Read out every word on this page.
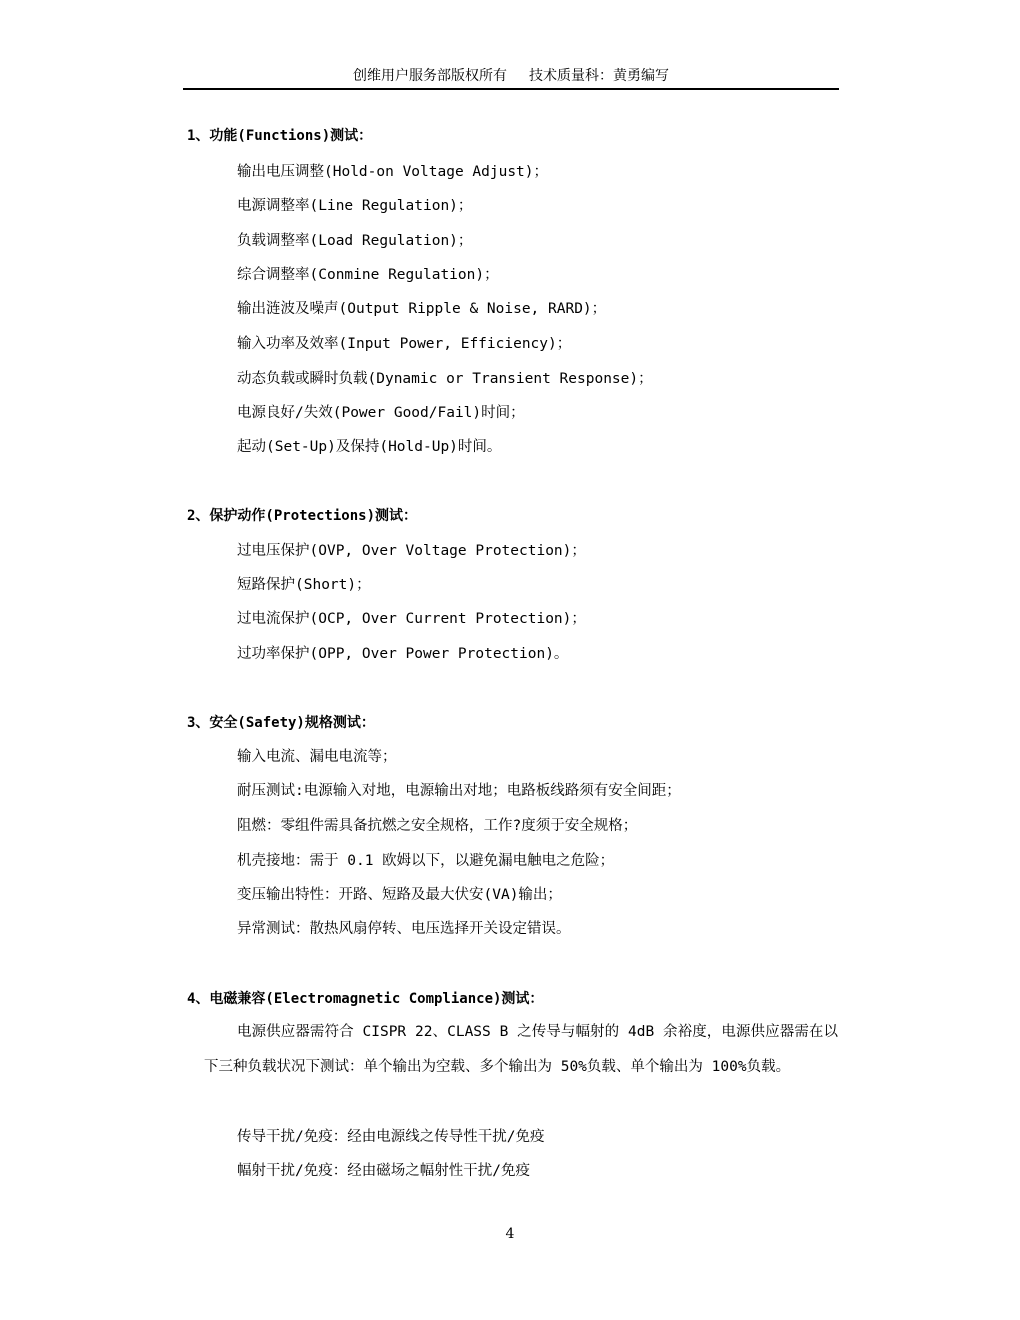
创维用户服务部版权所有 技术质量科：黄勇编写
1、功能(Functions)测试：
输出电压调整(Hold-on Voltage Adjust)；
电源调整率(Line Regulation)；
负载调整率(Load Regulation)；
综合调整率(Conmine Regulation)；
输出涟波及噪声(Output Ripple & Noise, RARD)；
输入功率及效率(Input Power, Efficiency)；
动态负载或瞬时负载(Dynamic or Transient Response)；
电源良好/失效(Power Good/Fail)时间；
起动(Set-Up)及保持(Hold-Up)时间。
2、保护动作(Protections)测试：
过电压保护(OVP, Over Voltage Protection)；
短路保护(Short)；
过电流保护(OCP, Over Current Protection)；
过功率保护(OPP, Over Power Protection)。
3、安全(Safety)规格测试：
输入电流、漏电电流等；
耐压测试:电源输入对地，电源输出对地；电路板线路须有安全间距；
阻燃：零组件需具备抗燃之安全规格，工作?度须于安全规格；
机壳接地：需于 0.1 欧姆以下，以避免漏电触电之危险；
变压输出特性：开路、短路及最大伏安(VA)输出；
异常测试：散热风扇停转、电压选择开关设定错误。
4、电磁兼容(Electromagnetic Compliance)测试：
电源供应器需符合 CISPR 22、CLASS B 之传导与幅射的 4dB 余裕度，电源供应器需在以下三种负载状况下测试：单个输出为空载、多个输出为 50%负载、单个输出为 100%负载。
传导干扰/免疫：经由电源线之传导性干扰/免疫
幅射干扰/免疫：经由磁场之幅射性干扰/免疫
4
